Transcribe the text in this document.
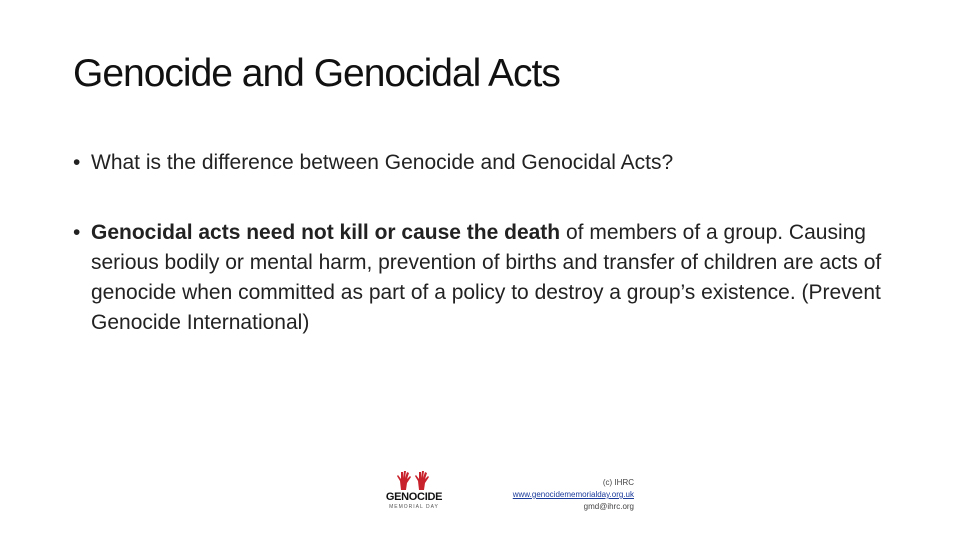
Genocide and Genocidal Acts
• What is the difference between Genocide and Genocidal Acts?
• Genocidal acts need not kill or cause the death of members of a group. Causing serious bodily or mental harm, prevention of births and transfer of children are acts of genocide when committed as part of a policy to destroy a group’s existence. (Prevent Genocide International)
GENOCIDE
MEMORIAL DAY
(c) IHRC
www.genocidememorialday.org.uk
gmd@ihrc.org
